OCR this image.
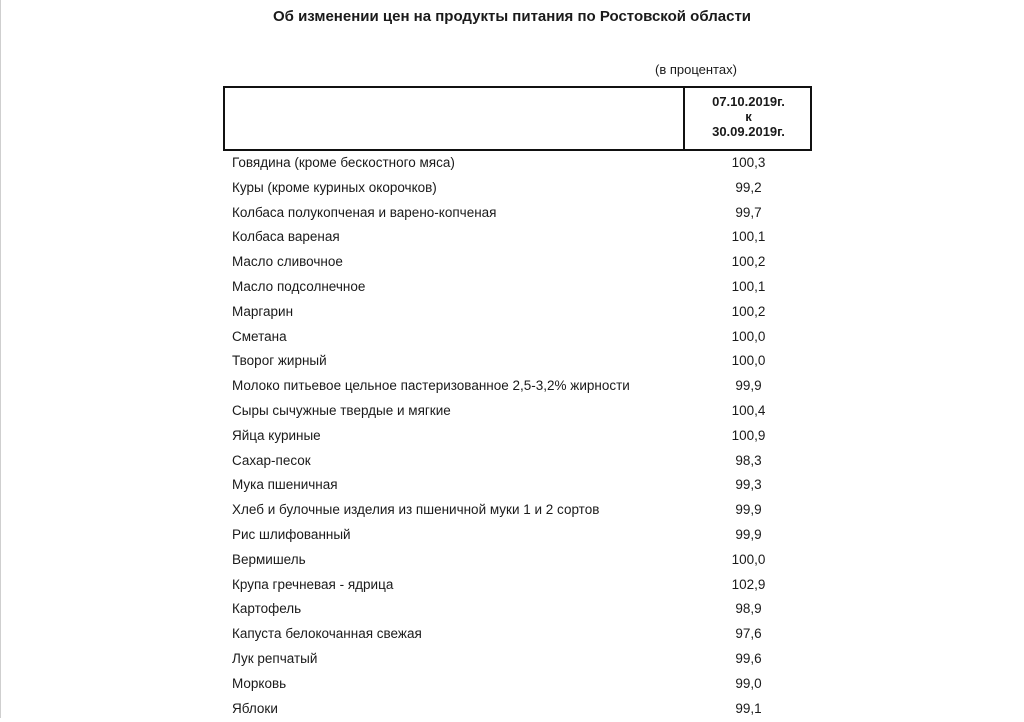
Об изменении цен на продукты питания по Ростовской области
(в процентах)
07.10.2019г.
к
30.09.2019г.
Говядина (кроме бескостного мяса)	100,3
Куры (кроме куриных окорочков)	99,2
Колбаса полукопченая и варено-копченая	99,7
Колбаса вареная	100,1
Масло сливочное	100,2
Масло подсолнечное	100,1
Маргарин	100,2
Сметана	100,0
Творог жирный	100,0
Молоко питьевое цельное пастеризованное 2,5-3,2% жирности	99,9
Сыры сычужные твердые и мягкие	100,4
Яйца куриные	100,9
Сахар-песок	98,3
Мука пшеничная	99,3
Хлеб и булочные изделия из пшеничной муки 1 и 2 сортов	99,9
Рис шлифованный	99,9
Вермишель	100,0
Крупа гречневая - ядрица	102,9
Картофель	98,9
Капуста белокочанная свежая	97,6
Лук репчатый	99,6
Морковь	99,0
Яблоки	99,1
